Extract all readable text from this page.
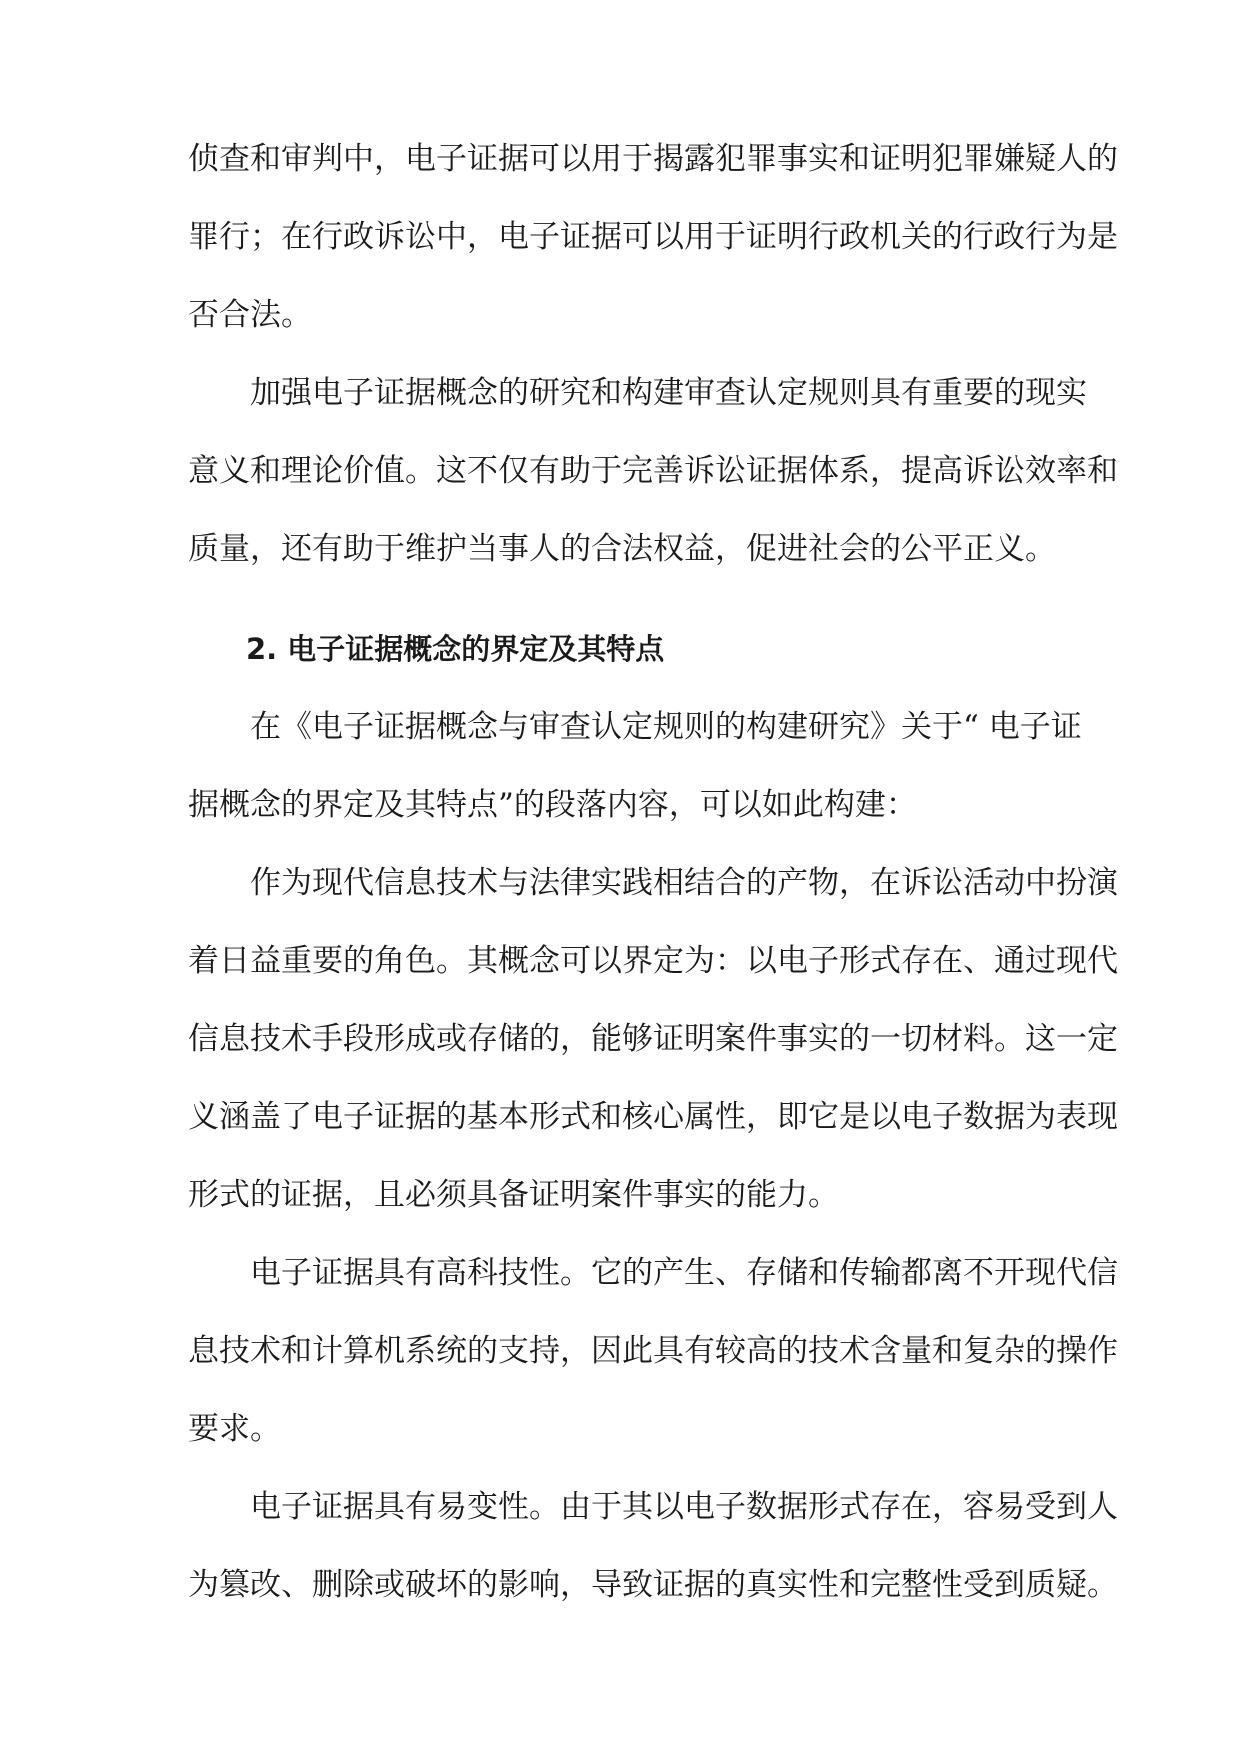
侦查和审判中，电子证据可以用于揭露犯罪事实和证明犯罪嫌疑人的
罪行；在行政诉讼中，电子证据可以用于证明行政机关的行政行为是
否合法。
加强电子证据概念的研究和构建审查认定规则具有重要的现实
意义和理论价值。这不仅有助于完善诉讼证据体系，提高诉讼效率和
质量，还有助于维护当事人的合法权益，促进社会的公平正义。
2. 电子证据概念的界定及其特点
在《电子证据概念与审查认定规则的构建研究》关于“ 电子证
据概念的界定及其特点”的段落内容，可以如此构建：
作为现代信息技术与法律实践相结合的产物，在诉讼活动中扮演
着日益重要的角色。其概念可以界定为：以电子形式存在、通过现代
信息技术手段形成或存储的，能够证明案件事实的一切材料。这一定
义涵盖了电子证据的基本形式和核心属性，即它是以电子数据为表现
形式的证据，且必须具备证明案件事实的能力。
电子证据具有高科技性。它的产生、存储和传输都离不开现代信
息技术和计算机系统的支持，因此具有较高的技术含量和复杂的操作
要求。
电子证据具有易变性。由于其以电子数据形式存在，容易受到人
为篡改、删除或破坏的影响，导致证据的真实性和完整性受到质疑。
